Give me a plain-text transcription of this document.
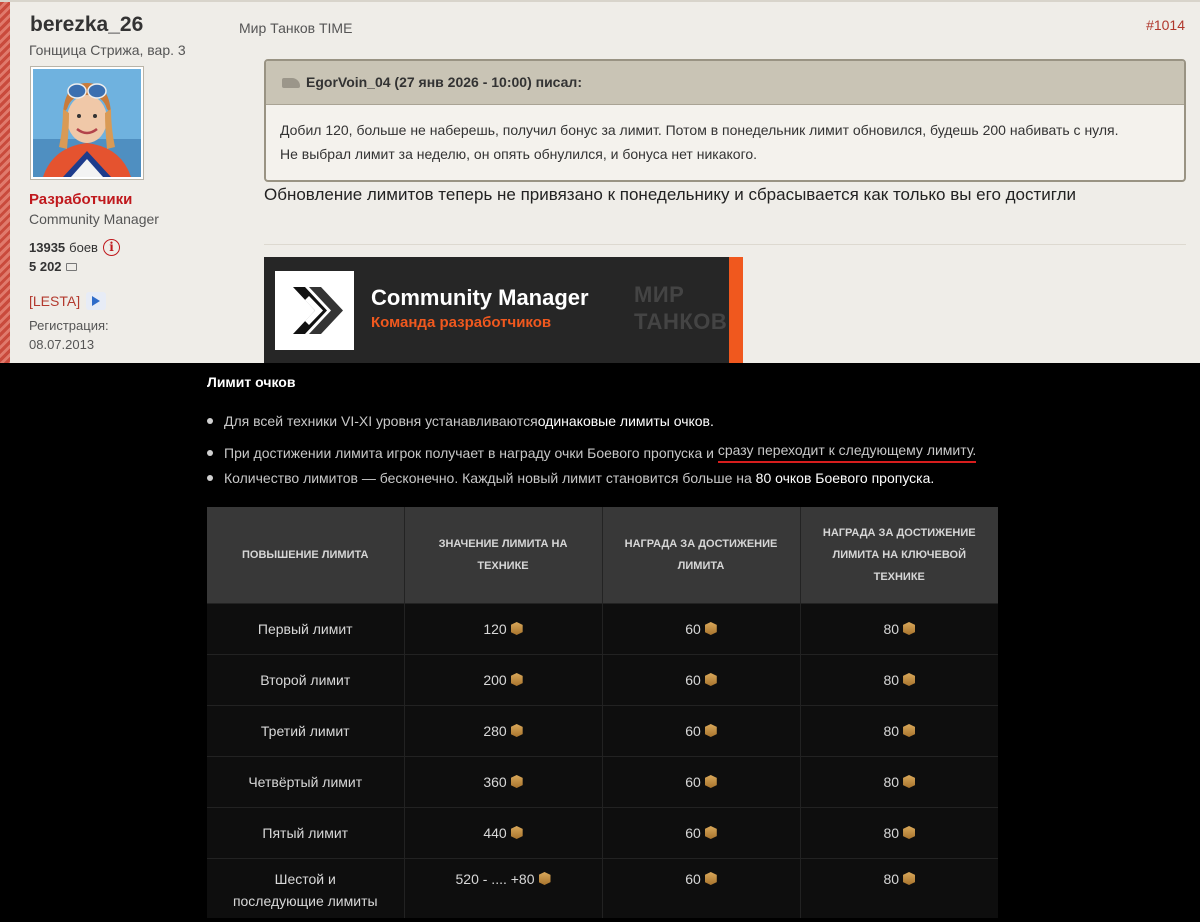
berezka_26
Гонщица Стрижа, вар. 3
Разработчики
Community Manager
13935 боев i
5 202
[LESTA]
Регистрация:
08.07.2013
Мир Танков TIME	#1014
EgorVoin_04 (27 янв 2026 - 10:00) писал:
Добил 120, больше не наберешь, получил бонус за лимит. Потом в понедельник лимит обновился, будешь 200 набивать с нуля.
Не выбрал лимит за неделю, он опять обнулился, и бонуса нет никакого.
Обновление лимитов теперь не привязано к понедельнику и сбрасывается как только вы его достигли
Community Manager
Команда разработчиков
МИР
ТАНКОВ
Лимит очков
Для всей техники VI-XI уровня устанавливаются одинаковые лимиты очков.
При достижении лимита игрок получает в награду очки Боевого пропуска и сразу переходит к следующему лимиту.
Количество лимитов — бесконечно. Каждый новый лимит становится больше на 80 очков Боевого пропуска.
ПОВЫШЕНИЕ ЛИМИТА	ЗНАЧЕНИЕ ЛИМИТА НА ТЕХНИКЕ	НАГРАДА ЗА ДОСТИЖЕНИЕ ЛИМИТА	НАГРАДА ЗА ДОСТИЖЕНИЕ ЛИМИТА НА КЛЮЧЕВОЙ ТЕХНИКЕ
Первый лимит	120	60	80

Второй лимит	200	60	80

Третий лимит	280	60	80

Четвёртый лимит	360	60	80

Пятый лимит	440	60	80

Шестой и
последующие лимиты	520 - .... +80	60	80
